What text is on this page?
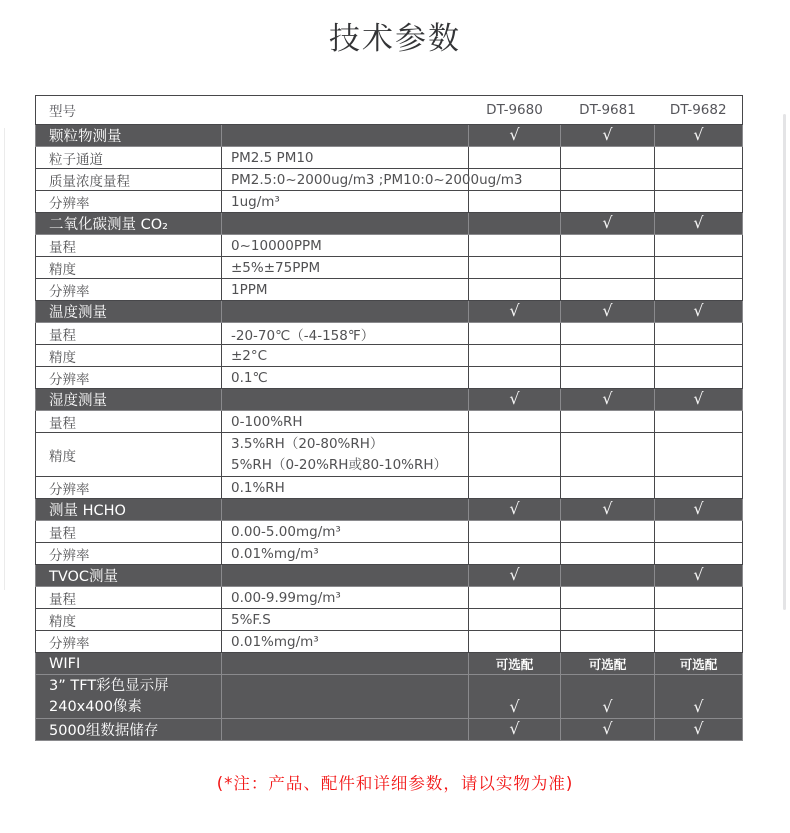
技术参数
型号		DT-9680	DT-9681	DT-9682
颗粒物测量		√	√	√
粒子通道	PM2.5 PM10			
质量浓度量程	PM2.5:0~2000ug/m3 ;PM10:0~2000ug/m3			
分辨率	1ug/m³			
二氧化碳测量 CO₂			√	√
量程	0~10000PPM			
精度	±5%±75PPM			
分辨率	1PPM			
温度测量		√	√	√
量程	-20-70℃（-4-158℉）			
精度	±2°C			
分辨率	0.1℃			
湿度测量		√	√	√
量程	0-100%RH			
精度	3.5%RH（20-80%RH）
5%RH（0-20%RH或80-10%RH）			

分辨率	0.1%RH			
测量 HCHO		√	√	√
量程	0.00-5.00mg/m³			
分辨率	0.01%mg/m³			
TVOC测量		√		√
量程	0.00-9.99mg/m³			
精度	5%F.S			
分辨率	0.01%mg/m³			
WIFI		可选配	可选配	可选配

3” TFT彩色显示屏
240x400像素		√	√	√
5000组数据储存		√	√	√

(*注：产品、配件和详细参数，请以实物为准)
